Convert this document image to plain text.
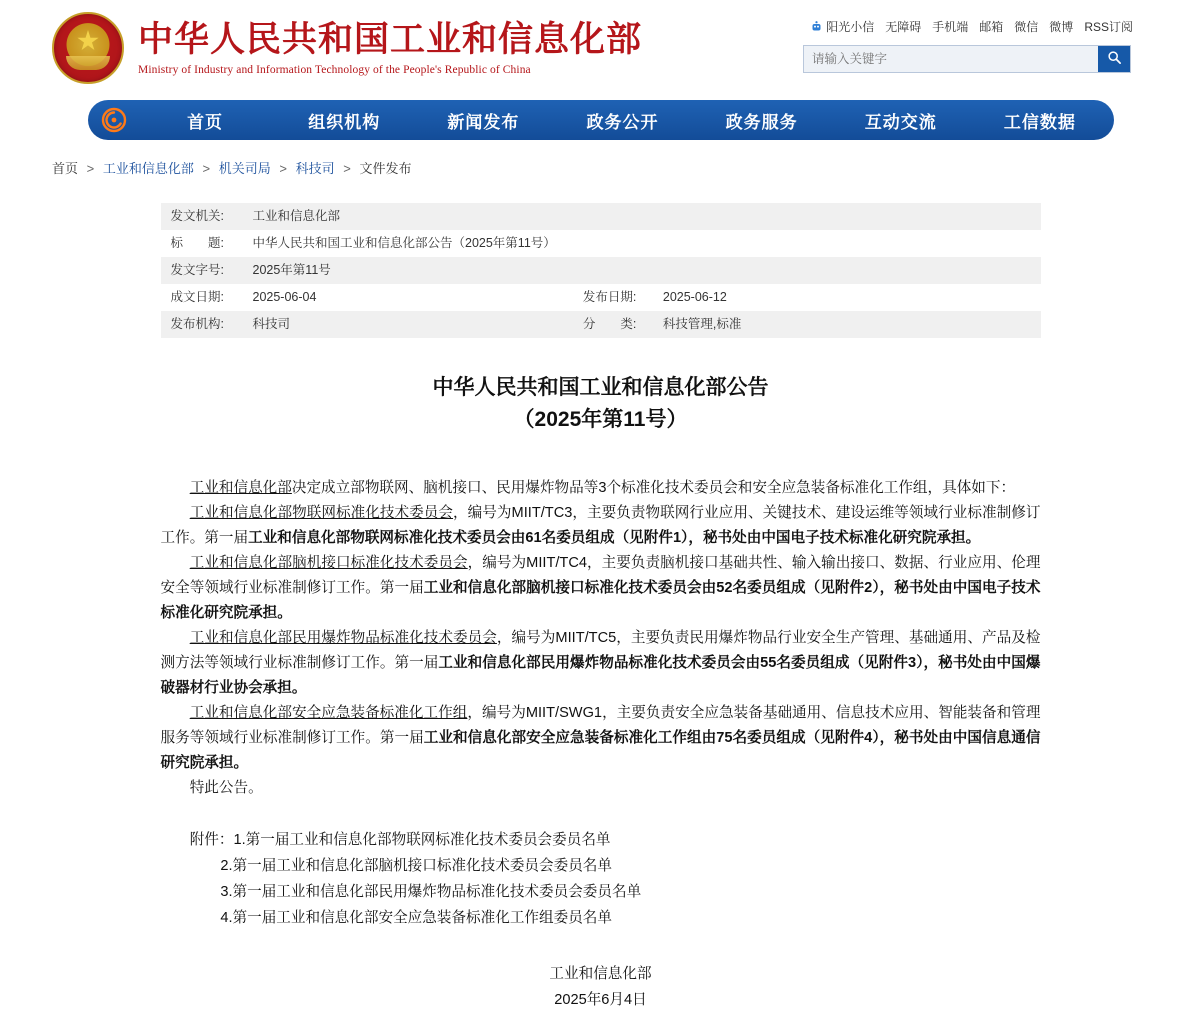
中华人民共和国工业和信息化部
Ministry of Industry and Information Technology of the People's Republic of China
阳光小信 无障碍 手机端 邮箱 微信 微博 RSS订阅
请输入关键字
首页	组织机构	新闻发布	政务公开	政务服务	互动交流	工信数据
首页 > 工业和信息化部 > 机关司局 > 科技司 > 文件发布
发文机关:	工业和信息化部		
标　　题:	中华人民共和国工业和信息化部公告（2025年第11号）		
发文字号:	2025年第11号		
成文日期:	2025-06-04	发布日期:	2025-06-12
发布机构:	科技司	分　　类:	科技管理,标准
中华人民共和国工业和信息化部公告
（2025年第11号）

工业和信息化部决定成立部物联网、脑机接口、民用爆炸物品等3个标准化技术委员会和安全应急装备标准化工作组，具体如下：

工业和信息化部物联网标准化技术委员会，编号为MIIT/TC3，主要负责物联网行业应用、关键技术、建设运维等领域行业标准制修订工作。第一届工业和信息化部物联网标准化技术委员会由61名委员组成（见附件1），秘书处由中国电子技术标准化研究院承担。

工业和信息化部脑机接口标准化技术委员会，编号为MIIT/TC4，主要负责脑机接口基础共性、输入输出接口、数据、行业应用、伦理安全等领域行业标准制修订工作。第一届工业和信息化部脑机接口标准化技术委员会由52名委员组成（见附件2），秘书处由中国电子技术标准化研究院承担。

工业和信息化部民用爆炸物品标准化技术委员会，编号为MIIT/TC5，主要负责民用爆炸物品行业安全生产管理、基础通用、产品及检测方法等领域行业标准制修订工作。第一届工业和信息化部民用爆炸物品标准化技术委员会由55名委员组成（见附件3），秘书处由中国爆破器材行业协会承担。

工业和信息化部安全应急装备标准化工作组，编号为MIIT/SWG1，主要负责安全应急装备基础通用、信息技术应用、智能装备和管理服务等领域行业标准制修订工作。第一届工业和信息化部安全应急装备标准化工作组由75名委员组成（见附件4），秘书处由中国信息通信研究院承担。

特此公告。

附件：1.第一届工业和信息化部物联网标准化技术委员会委员名单
2.第一届工业和信息化部脑机接口标准化技术委员会委员名单
3.第一届工业和信息化部民用爆炸物品标准化技术委员会委员名单
4.第一届工业和信息化部安全应急装备标准化工作组委员名单
工业和信息化部
2025年6月4日
